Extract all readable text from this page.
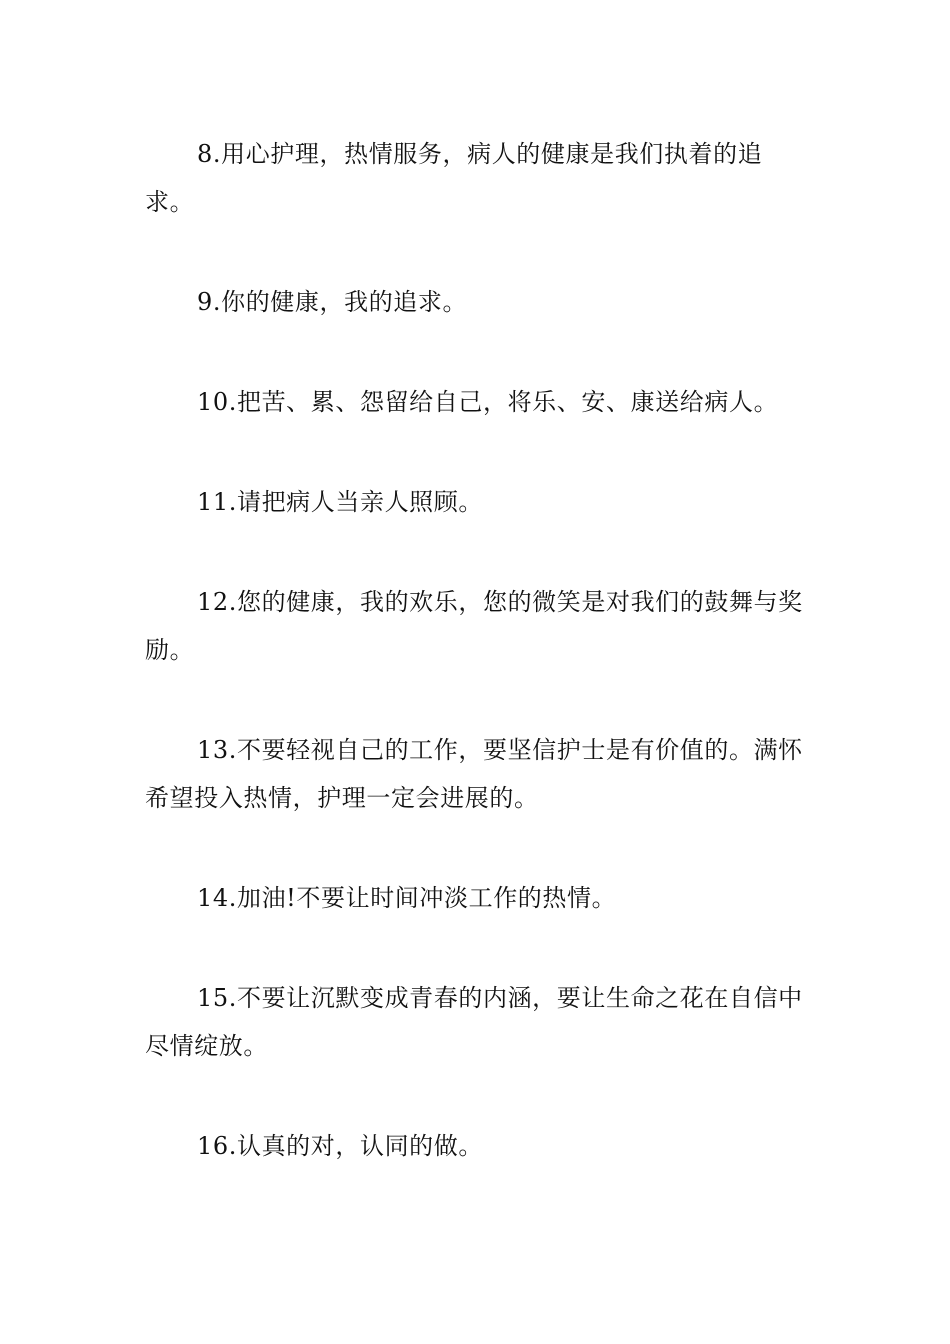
8.用心护理，热情服务，病人的健康是我们执着的追求。

9.你的健康，我的追求。

10.把苦、累、怨留给自己，将乐、安、康送给病人。

11.请把病人当亲人照顾。

12.您的健康，我的欢乐，您的微笑是对我们的鼓舞与奖励。

13.不要轻视自己的工作，要坚信护士是有价值的。满怀希望投入热情，护理一定会进展的。

14.加油!不要让时间冲淡工作的热情。

15.不要让沉默变成青春的内涵，要让生命之花在自信中尽情绽放。

16.认真的对，认同的做。
